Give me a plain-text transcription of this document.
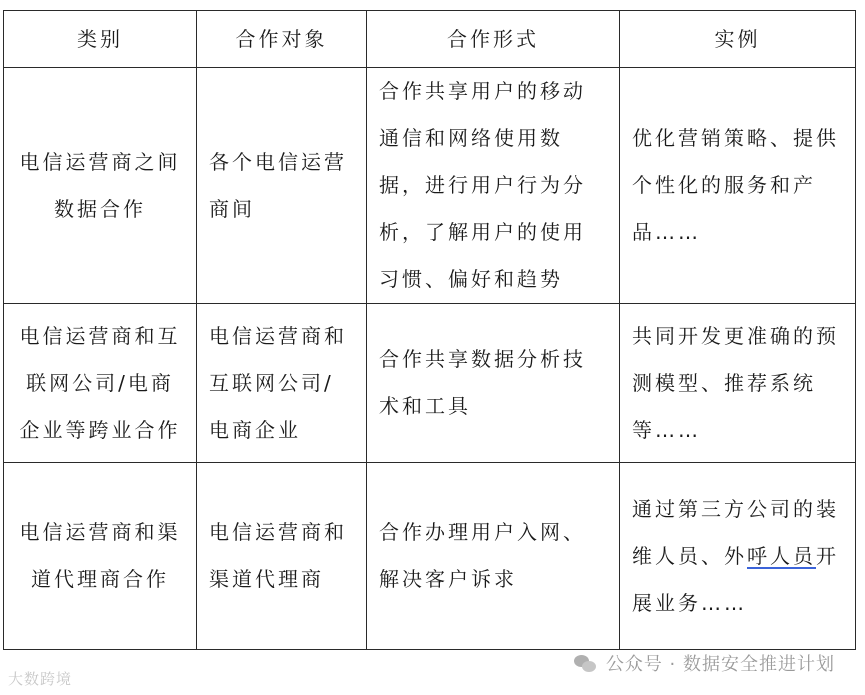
类别	合作对象	合作形式	实例
电信运营商之间数据合作	各个电信运营商间	合作共享用户的移动通信和网络使用数据，进行用户行为分析，了解用户的使用习惯、偏好和趋势	优化营销策略、提供个性化的服务和产品……
电信运营商和互联网公司/电商企业等跨业合作	电信运营商和互联网公司/电商企业	合作共享数据分析技术和工具	共同开发更准确的预测模型、推荐系统等……
电信运营商和渠道代理商合作	电信运营商和渠道代理商	合作办理用户入网、解决客户诉求	通过第三方公司的装维人员、外呼人员开展业务……
大数跨境
公众号 · 数据安全推进计划
